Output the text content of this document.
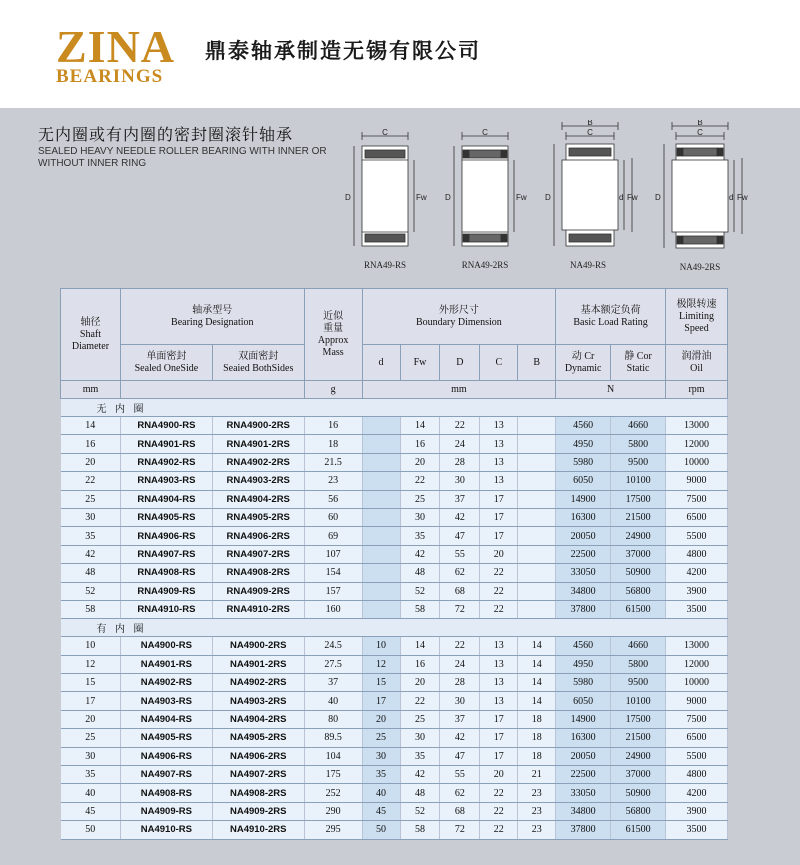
ZINA
BEARINGS
鼎泰轴承制造无锡有限公司
无内圈或有内圈的密封圈滚针轴承
SEALED HEAVY NEEDLE ROLLER BEARING WITH INNER OR WITHOUT INNER RING
C
D	Fw
RNA49-RS
C
D	Fw
RNA49-2RS
B
C
D	d Fw
NA49-RS
B
C
D	d Fw
NA49-2RS
轴径
Shaft
Diameter	轴承型号
Bearing Designation		近似
重量
Approx
Mass	外形尺寸
Boundary Dimension					基本额定负荷
Basic Load Rating		极限转速
Limiting
Speed
	单面密封
Sealed OneSide	双面密封
Seaied BothSides		d	Fw	D	C	B	动 Cr
Dynamic	静 Cor
Static	润滑油
Oil
mm			g	mm					N		rpm
无 内 圈											
14	RNA4900-RS	RNA4900-2RS	16		14	22	13		4560	4660	13000
16	RNA4901-RS	RNA4901-2RS	18		16	24	13		4950	5800	12000
20	RNA4902-RS	RNA4902-2RS	21.5		20	28	13		5980	9500	10000
22	RNA4903-RS	RNA4903-2RS	23		22	30	13		6050	10100	9000
25	RNA4904-RS	RNA4904-2RS	56		25	37	17		14900	17500	7500
30	RNA4905-RS	RNA4905-2RS	60		30	42	17		16300	21500	6500
35	RNA4906-RS	RNA4906-2RS	69		35	47	17		20050	24900	5500
42	RNA4907-RS	RNA4907-2RS	107		42	55	20		22500	37000	4800
48	RNA4908-RS	RNA4908-2RS	154		48	62	22		33050	50900	4200
52	RNA4909-RS	RNA4909-2RS	157		52	68	22		34800	56800	3900
58	RNA4910-RS	RNA4910-2RS	160		58	72	22		37800	61500	3500
有 内 圈											
10	NA4900-RS	NA4900-2RS	24.5	10	14	22	13	14	4560	4660	13000
12	NA4901-RS	NA4901-2RS	27.5	12	16	24	13	14	4950	5800	12000
15	NA4902-RS	NA4902-2RS	37	15	20	28	13	14	5980	9500	10000
17	NA4903-RS	NA4903-2RS	40	17	22	30	13	14	6050	10100	9000
20	NA4904-RS	NA4904-2RS	80	20	25	37	17	18	14900	17500	7500
25	NA4905-RS	NA4905-2RS	89.5	25	30	42	17	18	16300	21500	6500
30	NA4906-RS	NA4906-2RS	104	30	35	47	17	18	20050	24900	5500
35	NA4907-RS	NA4907-2RS	175	35	42	55	20	21	22500	37000	4800
40	NA4908-RS	NA4908-2RS	252	40	48	62	22	23	33050	50900	4200
45	NA4909-RS	NA4909-2RS	290	45	52	68	22	23	34800	56800	3900
50	NA4910-RS	NA4910-2RS	295	50	58	72	22	23	37800	61500	3500
